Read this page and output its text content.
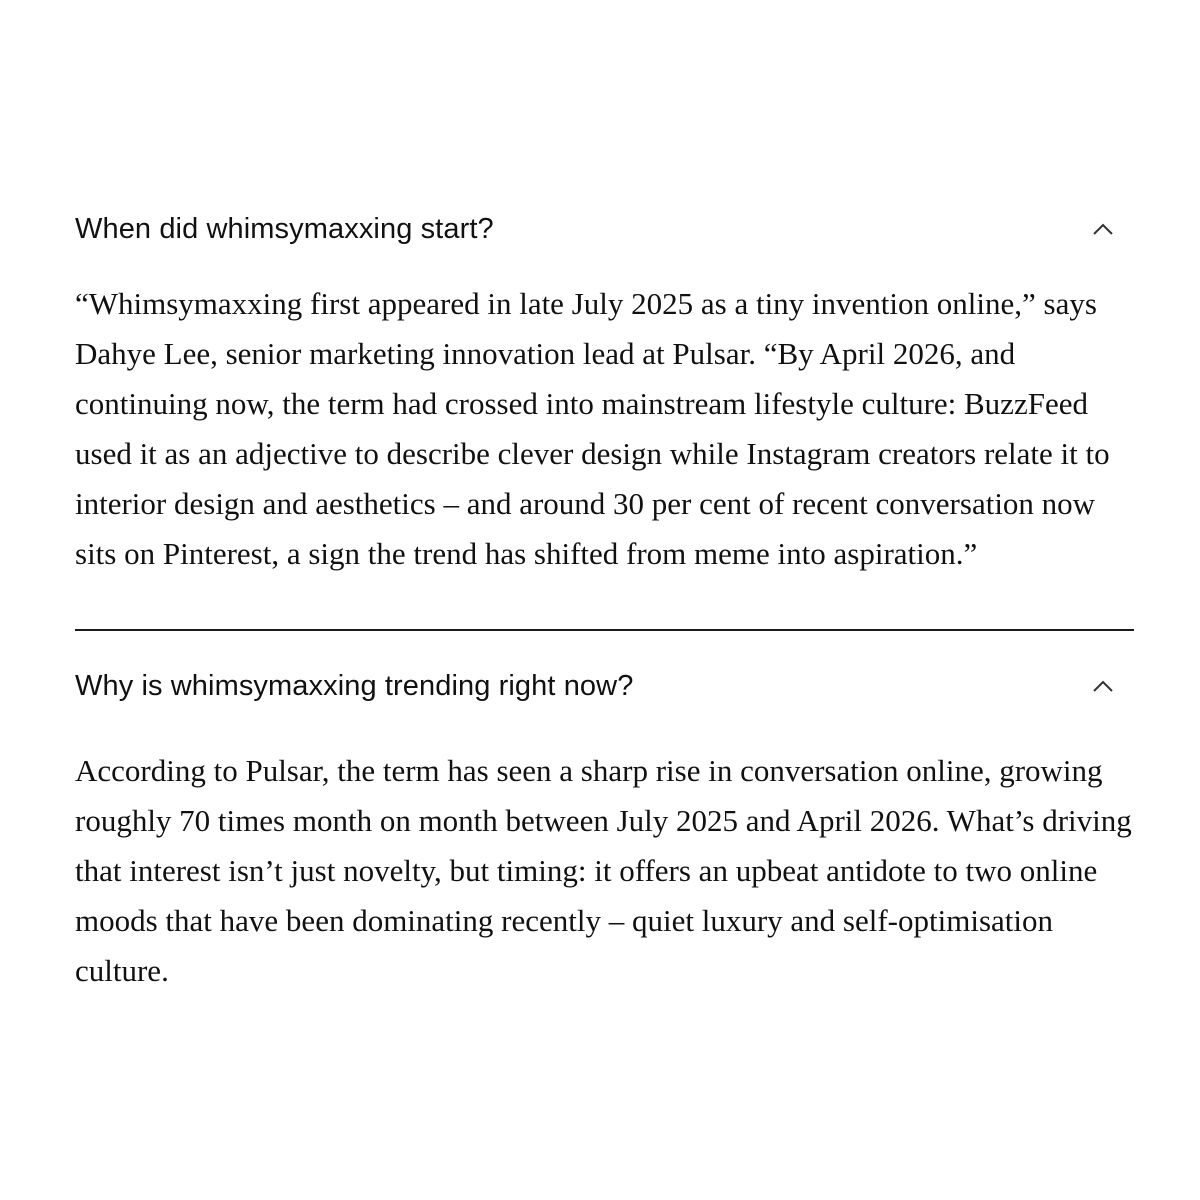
When did whimsymaxxing start?

“Whimsymaxxing first appeared in late July 2025 as a tiny invention online,” says Dahye Lee, senior marketing innovation lead at Pulsar. “By April 2026, and continuing now, the term had crossed into mainstream lifestyle culture: BuzzFeed used it as an adjective to describe clever design while Instagram creators relate it to interior design and aesthetics – and around 30 per cent of recent conversation now sits on Pinterest, a sign the trend has shifted from meme into aspiration.”

Why is whimsymaxxing trending right now?

According to Pulsar, the term has seen a sharp rise in conversation online, growing roughly 70 times month on month between July 2025 and April 2026. What’s driving that interest isn’t just novelty, but timing: it offers an upbeat antidote to two online moods that have been dominating recently – quiet luxury and self-optimisation culture.
